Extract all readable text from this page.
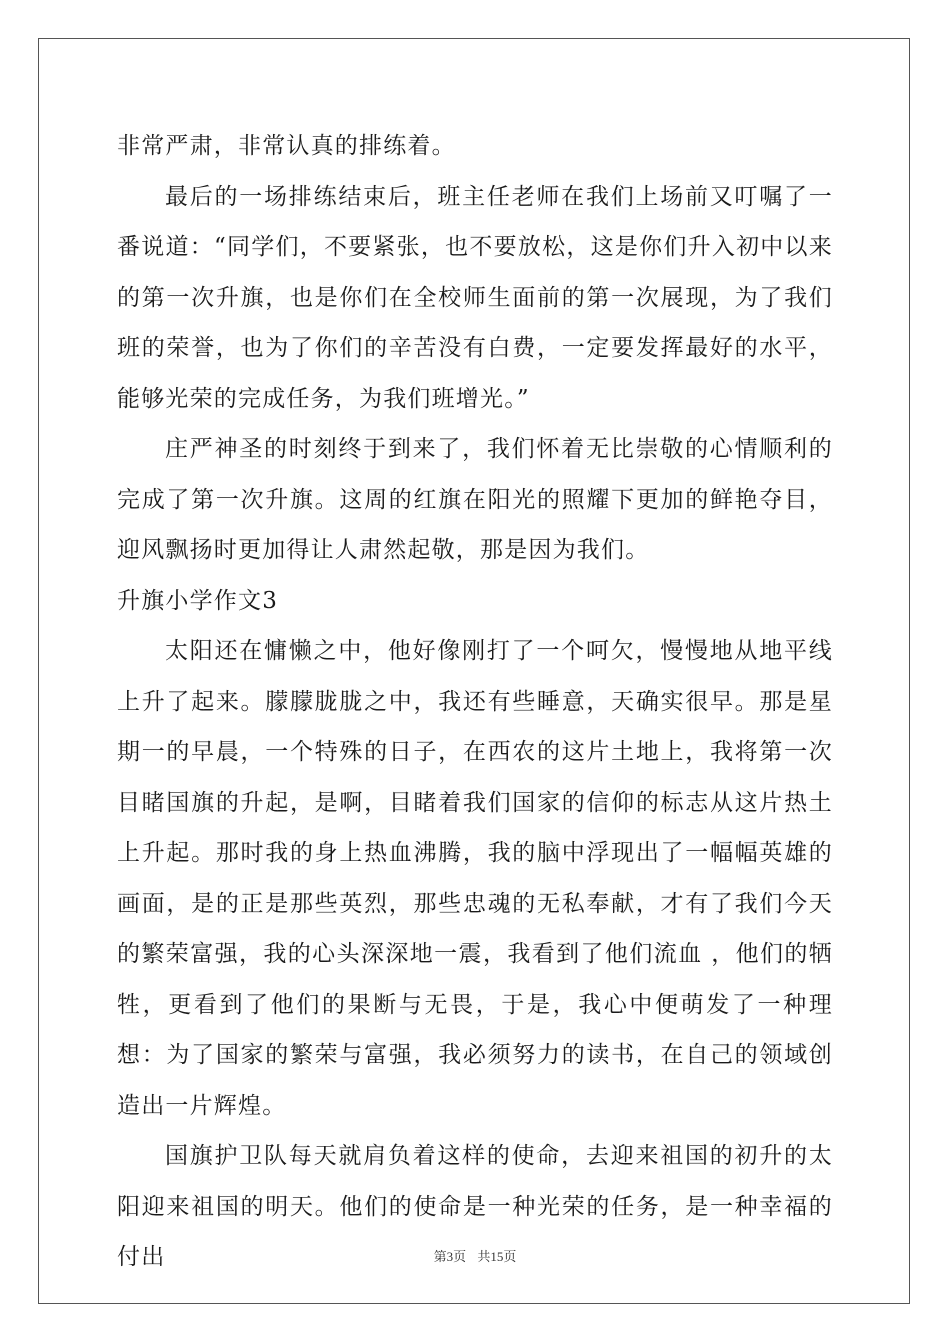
非常严肃，非常认真的排练着。

最后的一场排练结束后，班主任老师在我们上场前又叮嘱了一番说道：“同学们，不要紧张，也不要放松，这是你们升入初中以来的第一次升旗，也是你们在全校师生面前的第一次展现，为了我们班的荣誉，也为了你们的辛苦没有白费，一定要发挥最好的水平，能够光荣的完成任务，为我们班增光。”

庄严神圣的时刻终于到来了，我们怀着无比崇敬的心情顺利的完成了第一次升旗。这周的红旗在阳光的照耀下更加的鲜艳夺目，迎风飘扬时更加得让人肃然起敬，那是因为我们。

升旗小学作文3

太阳还在慵懒之中，他好像刚打了一个呵欠，慢慢地从地平线上升了起来。朦朦胧胧之中，我还有些睡意，天确实很早。那是星期一的早晨，一个特殊的日子，在西农的这片土地上，我将第一次目睹国旗的升起，是啊，目睹着我们国家的信仰的标志从这片热土上升起。那时我的身上热血沸腾，我的脑中浮现出了一幅幅英雄的画面，是的正是那些英烈，那些忠魂的无私奉献，才有了我们今天的繁荣富强，我的心头深深地一震，我看到了他们流血 ，他们的牺牲，更看到了他们的果断与无畏，于是，我心中便萌发了一种理想：为了国家的繁荣与富强，我必须努力的读书，在自己的领域创造出一片辉煌。

国旗护卫队每天就肩负着这样的使命，去迎来祖国的初升的太阳迎来祖国的明天。他们的使命是一种光荣的任务，是一种幸福的付出	第3页 共15页
